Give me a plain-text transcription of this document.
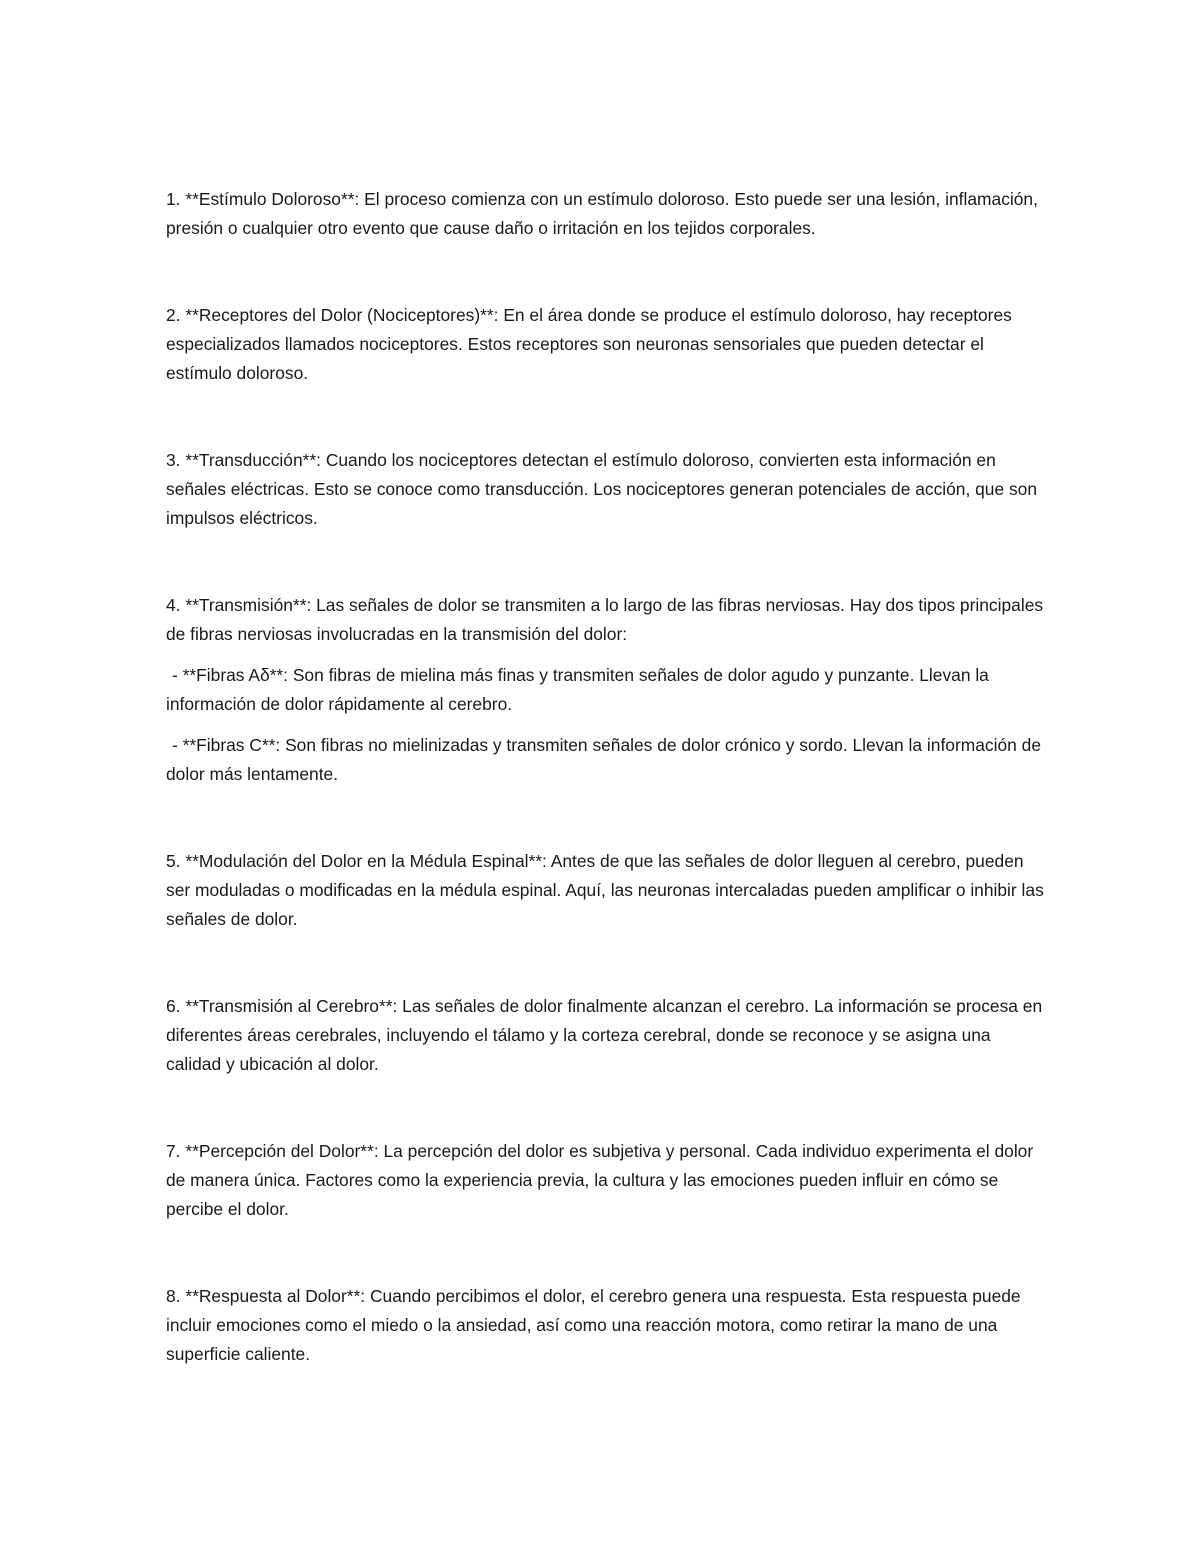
1. **Estímulo Doloroso**: El proceso comienza con un estímulo doloroso. Esto puede ser una lesión, inflamación, presión o cualquier otro evento que cause daño o irritación en los tejidos corporales.

2. **Receptores del Dolor (Nociceptores)**: En el área donde se produce el estímulo doloroso, hay receptores especializados llamados nociceptores. Estos receptores son neuronas sensoriales que pueden detectar el estímulo doloroso.

3. **Transducción**: Cuando los nociceptores detectan el estímulo doloroso, convierten esta información en señales eléctricas. Esto se conoce como transducción. Los nociceptores generan potenciales de acción, que son impulsos eléctricos.

4. **Transmisión**: Las señales de dolor se transmiten a lo largo de las fibras nerviosas. Hay dos tipos principales de fibras nerviosas involucradas en la transmisión del dolor:

- **Fibras Aδ**: Son fibras de mielina más finas y transmiten señales de dolor agudo y punzante. Llevan la información de dolor rápidamente al cerebro.

- **Fibras C**: Son fibras no mielinizadas y transmiten señales de dolor crónico y sordo. Llevan la información de dolor más lentamente.

5. **Modulación del Dolor en la Médula Espinal**: Antes de que las señales de dolor lleguen al cerebro, pueden ser moduladas o modificadas en la médula espinal. Aquí, las neuronas intercaladas pueden amplificar o inhibir las señales de dolor.

6. **Transmisión al Cerebro**: Las señales de dolor finalmente alcanzan el cerebro. La información se procesa en diferentes áreas cerebrales, incluyendo el tálamo y la corteza cerebral, donde se reconoce y se asigna una calidad y ubicación al dolor.

7. **Percepción del Dolor**: La percepción del dolor es subjetiva y personal. Cada individuo experimenta el dolor de manera única. Factores como la experiencia previa, la cultura y las emociones pueden influir en cómo se percibe el dolor.

8. **Respuesta al Dolor**: Cuando percibimos el dolor, el cerebro genera una respuesta. Esta respuesta puede incluir emociones como el miedo o la ansiedad, así como una reacción motora, como retirar la mano de una superficie caliente.
